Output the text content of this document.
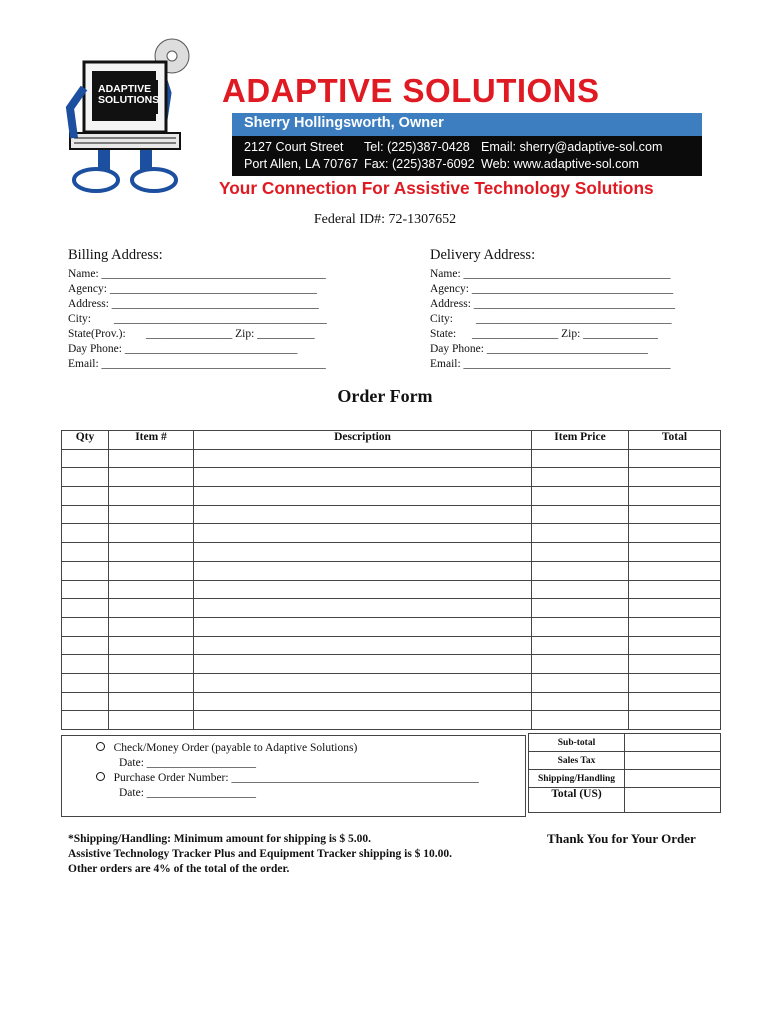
ADAPTIVE
SOLUTIONS ADAPTIVE SOLUTIONS
Sherry Hollingsworth, Owner
2127 Court Street
Port Allen, LA 70767
Tel: (225)387-0428
Fax: (225)387-6092
Email: sherry@adaptive-sol.com
Web: www.adaptive-sol.com
Your Connection For Assistive Technology Solutions
Federal ID#: 72-1307652
Billing Address:
Name: _______________________________________
Agency: ____________________________________
Address: ____________________________________
City: _____________________________________
State(Prov.): _______________ Zip: __________
Day Phone: ______________________________
Email: _______________________________________
Delivery Address:
Name: ____________________________________
Agency: ___________________________________
Address: ___________________________________
City: __________________________________
State: _______________ Zip: _____________
Day Phone: ____________________________
Email: ____________________________________
Order Form
Qty	Item #	Description	Item Price	Total

Check/Money Order (payable to Adaptive Solutions)
Date: ___________________
Purchase Order Number: ___________________________________________
Date: ___________________
Sub-total	
Sales Tax	
Shipping/Handling	
Total (US)	
*Shipping/Handling: Minimum amount for shipping is $ 5.00.
Assistive Technology Tracker Plus and Equipment Tracker shipping is $ 10.00.
Other orders are 4% of the total of the order.
Thank You for Your Order
